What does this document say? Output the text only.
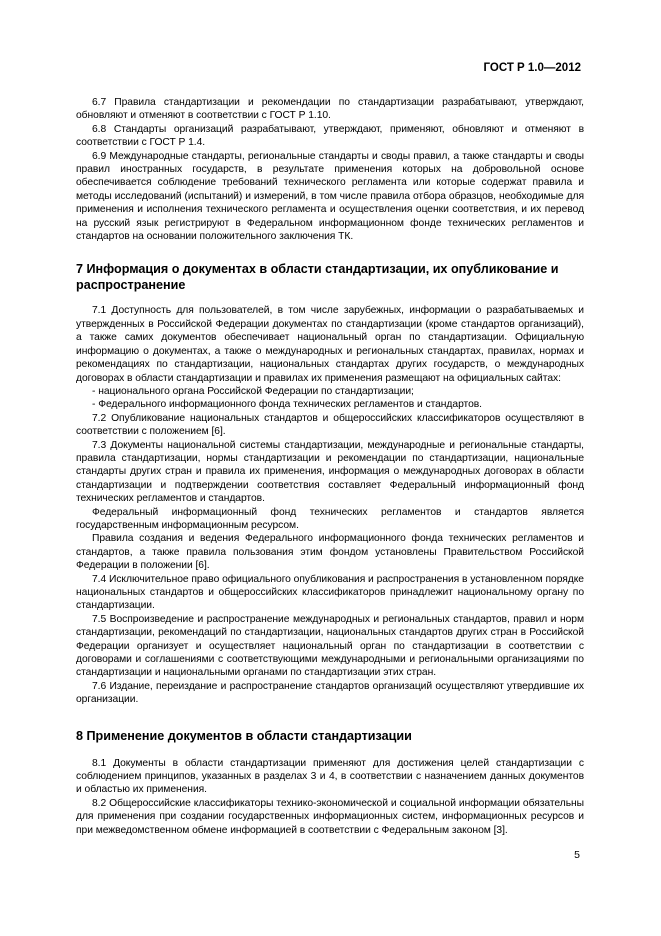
ГОСТ Р 1.0—2012

6.7 Правила стандартизации и рекомендации по стандартизации разрабатывают, утверждают, обновляют и отменяют в соответствии с ГОСТ Р 1.10.

6.8 Стандарты организаций разрабатывают, утверждают, применяют, обновляют и отменяют в соответствии с ГОСТ Р 1.4.

6.9 Международные стандарты, региональные стандарты и своды правил, а также стандарты и своды правил иностранных государств, в результате применения которых на добровольной основе обеспечивается соблюдение требований технического регламента или которые содержат правила и методы исследований (испытаний) и измерений, в том числе правила отбора образцов, необходимые для применения и исполнения технического регламента и осуществления оценки соответствия, и их перевод на русский язык регистрируют в Федеральном информационном фонде технических регламентов и стандартов на основании положительного заключения ТК.

7 Информация о документах в области стандартизации, их опубликование и распространение

7.1 Доступность для пользователей, в том числе зарубежных, информации о разрабатываемых и утвержденных в Российской Федерации документах по стандартизации (кроме стандартов организаций), а также самих документов обеспечивает национальный орган по стандартизации. Официальную информацию о документах, а также о международных и региональных стандартах, правилах, нормах и рекомендациях по стандартизации, национальных стандартах других государств, о международных договорах в области стандартизации и правилах их применения размещают на официальных сайтах:

- национального органа Российской Федерации по стандартизации;

- Федерального информационного фонда технических регламентов и стандартов.

7.2 Опубликование национальных стандартов и общероссийских классификаторов осуществляют в соответствии с положением [6].

7.3 Документы национальной системы стандартизации, международные и региональные стандарты, правила стандартизации, нормы стандартизации и рекомендации по стандартизации, национальные стандарты других стран и правила их применения, информация о международных договорах в области стандартизации и подтверждении соответствия составляет Федеральный информационный фонд технических регламентов и стандартов.

Федеральный информационный фонд технических регламентов и стандартов является государственным информационным ресурсом.

Правила создания и ведения Федерального информационного фонда технических регламентов и стандартов, а также правила пользования этим фондом установлены Правительством Российской Федерации в положении [6].

7.4 Исключительное право официального опубликования и распространения в установленном порядке национальных стандартов и общероссийских классификаторов принадлежит национальному органу по стандартизации.

7.5 Воспроизведение и распространение международных и региональных стандартов, правил и норм стандартизации, рекомендаций по стандартизации, национальных стандартов других стран в Российской Федерации организует и осуществляет национальный орган по стандартизации в соответствии с договорами и соглашениями с соответствующими международными и региональными организациями по стандартизации и национальными органами по стандартизации этих стран.

7.6 Издание, переиздание и распространение стандартов организаций осуществляют утвердившие их организации.

8 Применение документов в области стандартизации

8.1 Документы в области стандартизации применяют для достижения целей стандартизации с соблюдением принципов, указанных в разделах 3 и 4, в соответствии с назначением данных документов и областью их применения.

8.2 Общероссийские классификаторы технико-экономической и социальной информации обязательны для применения при создании государственных информационных систем, информационных ресурсов и при межведомственном обмене информацией в соответствии с Федеральным законом [3].

5
